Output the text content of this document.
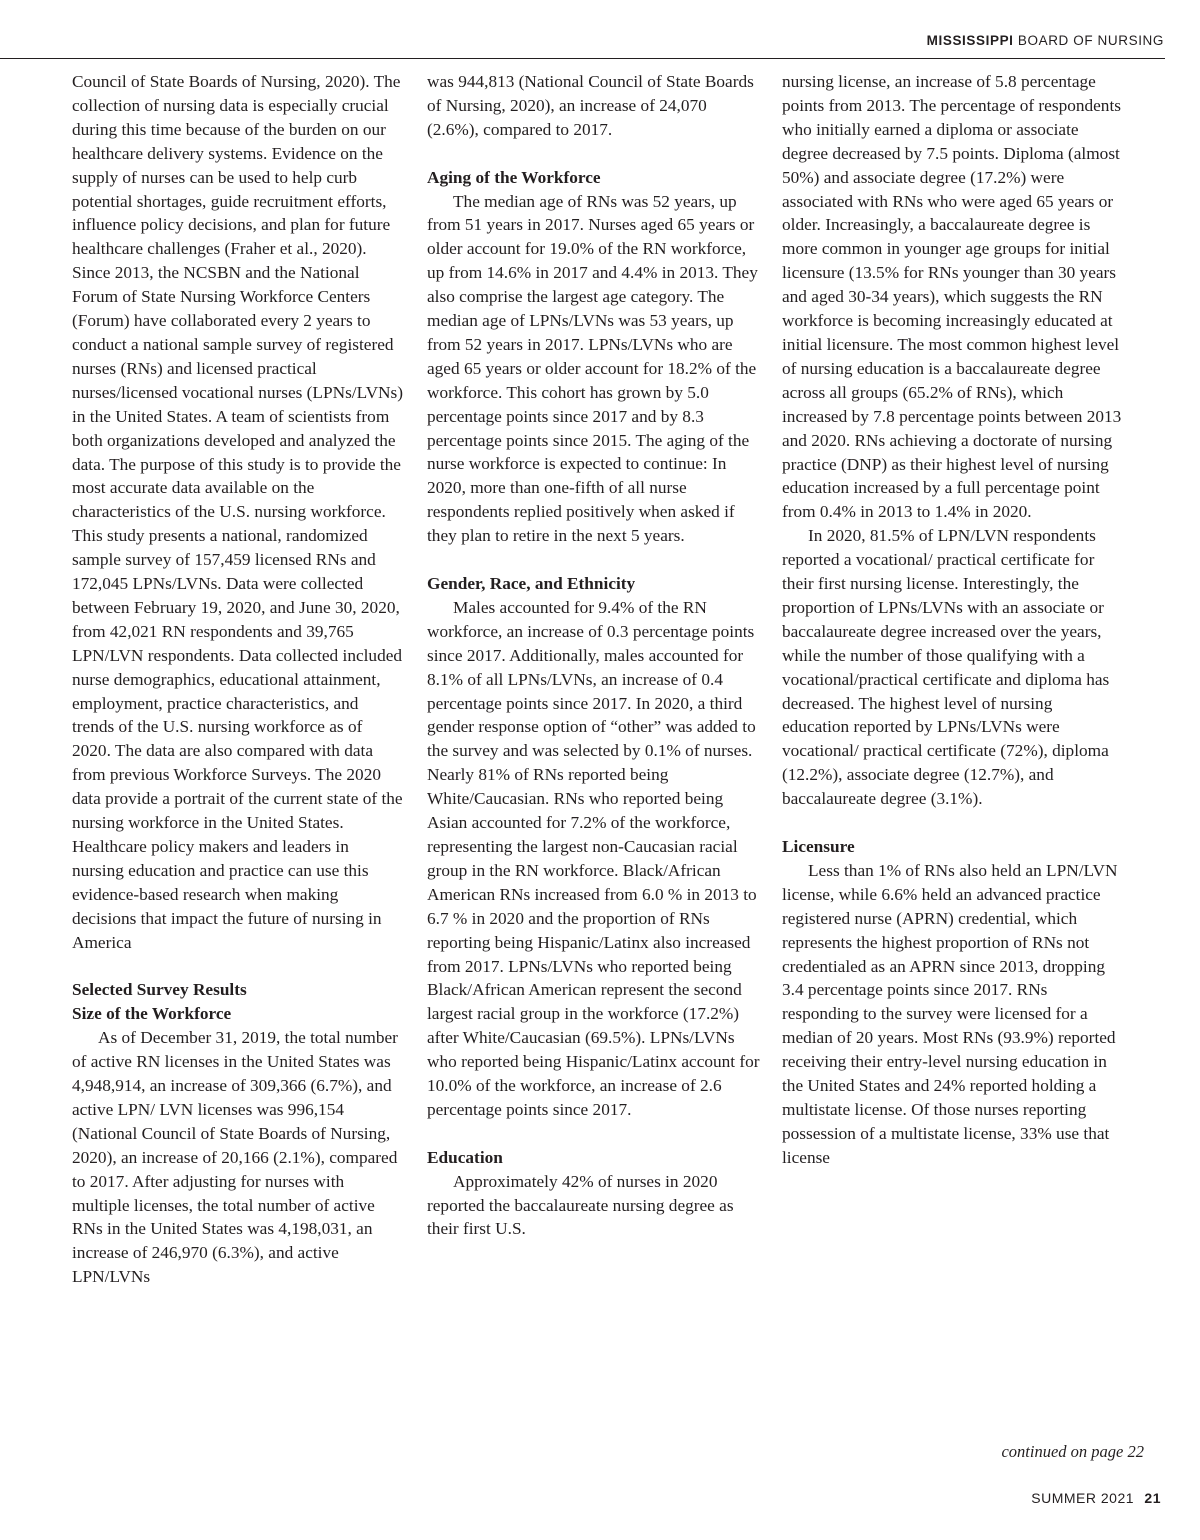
MISSISSIPPI BOARD OF NURSING

Council of State Boards of Nursing, 2020). The collection of nursing data is especially crucial during this time because of the burden on our healthcare delivery systems. Evidence on the supply of nurses can be used to help curb potential shortages, guide recruitment efforts, influence policy decisions, and plan for future healthcare challenges (Fraher et al., 2020). Since 2013, the NCSBN and the National Forum of State Nursing Workforce Centers (Forum) have collaborated every 2 years to conduct a national sample survey of registered nurses (RNs) and licensed practical nurses/licensed vocational nurses (LPNs/LVNs) in the United States. A team of scientists from both organizations developed and analyzed the data. The purpose of this study is to provide the most accurate data available on the characteristics of the U.S. nursing workforce. This study presents a national, randomized sample survey of 157,459 licensed RNs and 172,045 LPNs/LVNs. Data were collected between February 19, 2020, and June 30, 2020, from 42,021 RN respondents and 39,765 LPN/LVN respondents. Data collected included nurse demographics, educational attainment, employment, practice characteristics, and trends of the U.S. nursing workforce as of 2020. The data are also compared with data from previous Workforce Surveys. The 2020 data provide a portrait of the current state of the nursing workforce in the United States. Healthcare policy makers and leaders in nursing education and practice can use this evidence-based research when making decisions that impact the future of nursing in America

Selected Survey Results
Size of the Workforce

As of December 31, 2019, the total number of active RN licenses in the United States was 4,948,914, an increase of 309,366 (6.7%), and active LPN/ LVN licenses was 996,154 (National Council of State Boards of Nursing, 2020), an increase of 20,166 (2.1%), compared to 2017. After adjusting for nurses with multiple licenses, the total number of active RNs in the United States was 4,198,031, an increase of 246,970 (6.3%), and active LPN/LVNs

was 944,813 (National Council of State Boards of Nursing, 2020), an increase of 24,070 (2.6%), compared to 2017.

Aging of the Workforce

The median age of RNs was 52 years, up from 51 years in 2017. Nurses aged 65 years or older account for 19.0% of the RN workforce, up from 14.6% in 2017 and 4.4% in 2013. They also comprise the largest age category. The median age of LPNs/LVNs was 53 years, up from 52 years in 2017. LPNs/LVNs who are aged 65 years or older account for 18.2% of the workforce. This cohort has grown by 5.0 percentage points since 2017 and by 8.3 percentage points since 2015. The aging of the nurse workforce is expected to continue: In 2020, more than one-fifth of all nurse respondents replied positively when asked if they plan to retire in the next 5 years.

Gender, Race, and Ethnicity

Males accounted for 9.4% of the RN workforce, an increase of 0.3 percentage points since 2017. Additionally, males accounted for 8.1% of all LPNs/LVNs, an increase of 0.4 percentage points since 2017. In 2020, a third gender response option of “other” was added to the survey and was selected by 0.1% of nurses. Nearly 81% of RNs reported being White/Caucasian. RNs who reported being Asian accounted for 7.2% of the workforce, representing the largest non-Caucasian racial group in the RN workforce. Black/African American RNs increased from 6.0 % in 2013 to 6.7 % in 2020 and the proportion of RNs reporting being Hispanic/Latinx also increased from 2017. LPNs/LVNs who reported being Black/African American represent the second largest racial group in the workforce (17.2%) after White/Caucasian (69.5%). LPNs/LVNs who reported being Hispanic/Latinx account for 10.0% of the workforce, an increase of 2.6 percentage points since 2017.

Education

Approximately 42% of nurses in 2020 reported the baccalaureate nursing degree as their first U.S.

nursing license, an increase of 5.8 percentage points from 2013. The percentage of respondents who initially earned a diploma or associate degree decreased by 7.5 points. Diploma (almost 50%) and associate degree (17.2%) were associated with RNs who were aged 65 years or older. Increasingly, a baccalaureate degree is more common in younger age groups for initial licensure (13.5% for RNs younger than 30 years and aged 30-34 years), which suggests the RN workforce is becoming increasingly educated at initial licensure. The most common highest level of nursing education is a baccalaureate degree across all groups (65.2% of RNs), which increased by 7.8 percentage points between 2013 and 2020. RNs achieving a doctorate of nursing practice (DNP) as their highest level of nursing education increased by a full percentage point from 0.4% in 2013 to 1.4% in 2020.

In 2020, 81.5% of LPN/LVN respondents reported a vocational/ practical certificate for their first nursing license. Interestingly, the proportion of LPNs/LVNs with an associate or baccalaureate degree increased over the years, while the number of those qualifying with a vocational/practical certificate and diploma has decreased. The highest level of nursing education reported by LPNs/LVNs were vocational/ practical certificate (72%), diploma (12.2%), associate degree (12.7%), and baccalaureate degree (3.1%).

Licensure

Less than 1% of RNs also held an LPN/LVN license, while 6.6% held an advanced practice registered nurse (APRN) credential, which represents the highest proportion of RNs not credentialed as an APRN since 2013, dropping 3.4 percentage points since 2017. RNs responding to the survey were licensed for a median of 20 years. Most RNs (93.9%) reported receiving their entry-level nursing education in the United States and 24% reported holding a multistate license. Of those nurses reporting possession of a multistate license, 33% use that license

continued on page 22
SUMMER 2021 21
